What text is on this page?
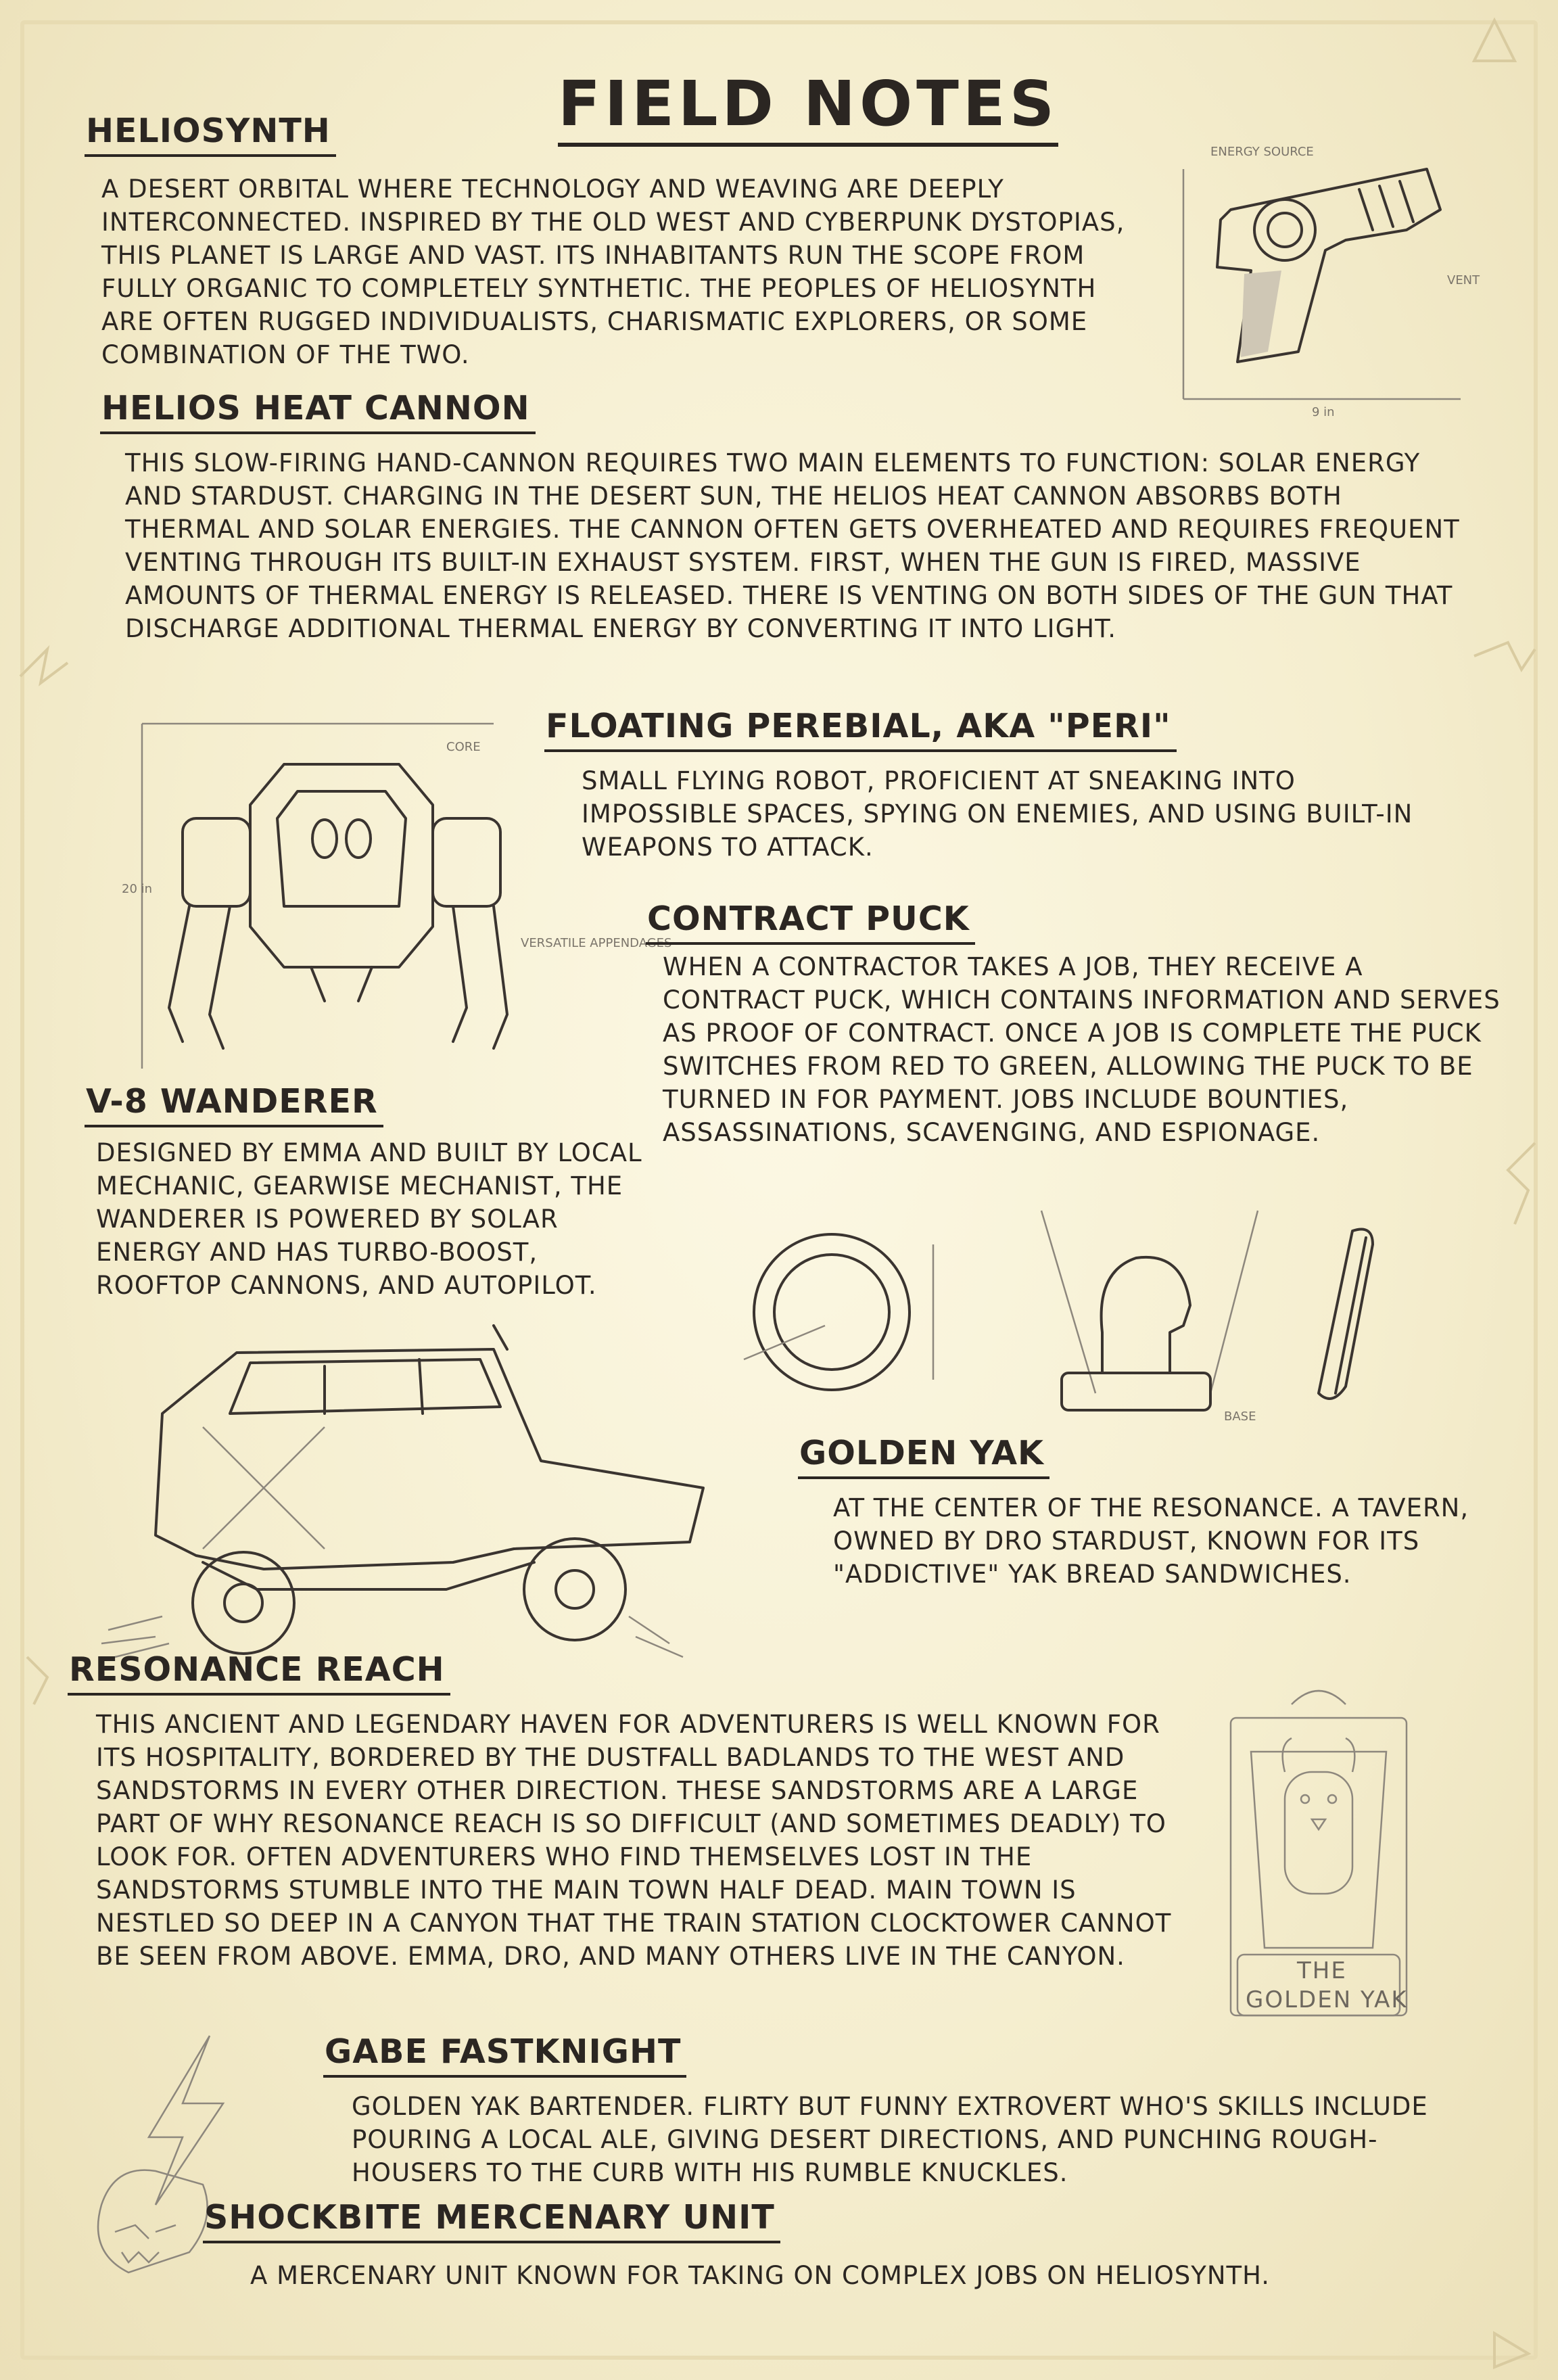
FIELD NOTES
HELIOSYNTH

A DESERT ORBITAL WHERE TECHNOLOGY AND WEAVING ARE DEEPLY INTERCONNECTED. INSPIRED BY THE OLD WEST AND CYBERPUNK DYSTOPIAS, THIS PLANET IS LARGE AND VAST. ITS INHABITANTS RUN THE SCOPE FROM FULLY ORGANIC TO COMPLETELY SYNTHETIC. THE PEOPLES OF HELIOSYNTH ARE OFTEN RUGGED INDIVIDUALISTS, CHARISMATIC EXPLORERS, OR SOME COMBINATION OF THE TWO.

ENERGY SOURCE
VENT
9 in
HELIOS HEAT CANNON

THIS SLOW-FIRING HAND-CANNON REQUIRES TWO MAIN ELEMENTS TO FUNCTION: SOLAR ENERGY AND STARDUST. CHARGING IN THE DESERT SUN, THE HELIOS HEAT CANNON ABSORBS BOTH THERMAL AND SOLAR ENERGIES. THE CANNON OFTEN GETS OVERHEATED AND REQUIRES FREQUENT VENTING THROUGH ITS BUILT-IN EXHAUST SYSTEM. FIRST, WHEN THE GUN IS FIRED, MASSIVE AMOUNTS OF THERMAL ENERGY IS RELEASED. THERE IS VENTING ON BOTH SIDES OF THE GUN THAT DISCHARGE ADDITIONAL THERMAL ENERGY BY CONVERTING IT INTO LIGHT.

CORE
20 in
VERSATILE APPENDAGES
FLOATING PEREBIAL, AKA "PERI"

SMALL FLYING ROBOT, PROFICIENT AT SNEAKING INTO IMPOSSIBLE SPACES, SPYING ON ENEMIES, AND USING BUILT-IN WEAPONS TO ATTACK.

CONTRACT PUCK

WHEN A CONTRACTOR TAKES A JOB, THEY RECEIVE A CONTRACT PUCK, WHICH CONTAINS INFORMATION AND SERVES AS PROOF OF CONTRACT. ONCE A JOB IS COMPLETE THE PUCK SWITCHES FROM RED TO GREEN, ALLOWING THE PUCK TO BE TURNED IN FOR PAYMENT. JOBS INCLUDE BOUNTIES, ASSASSINATIONS, SCAVENGING, AND ESPIONAGE.

V-8 WANDERER

DESIGNED BY EMMA AND BUILT BY LOCAL MECHANIC, GEARWISE MECHANIST, THE WANDERER IS POWERED BY SOLAR ENERGY AND HAS TURBO-BOOST, ROOFTOP CANNONS, AND AUTOPILOT.

BASE
GOLDEN YAK

AT THE CENTER OF THE RESONANCE. A TAVERN, OWNED BY DRO STARDUST, KNOWN FOR ITS "ADDICTIVE" YAK BREAD SANDWICHES.

RESONANCE REACH

THIS ANCIENT AND LEGENDARY HAVEN FOR ADVENTURERS IS WELL KNOWN FOR ITS HOSPITALITY, BORDERED BY THE DUSTFALL BADLANDS TO THE WEST AND SANDSTORMS IN EVERY OTHER DIRECTION. THESE SANDSTORMS ARE A LARGE PART OF WHY RESONANCE REACH IS SO DIFFICULT (AND SOMETIMES DEADLY) TO LOOK FOR. OFTEN ADVENTURERS WHO FIND THEMSELVES LOST IN THE SANDSTORMS STUMBLE INTO THE MAIN TOWN HALF DEAD. MAIN TOWN IS NESTLED SO DEEP IN A CANYON THAT THE TRAIN STATION CLOCKTOWER CANNOT BE SEEN FROM ABOVE. EMMA, DRO, AND MANY OTHERS LIVE IN THE CANYON.	THE
GOLDEN YAK
GABE FASTKNIGHT

GOLDEN YAK BARTENDER. FLIRTY BUT FUNNY EXTROVERT WHO'S SKILLS INCLUDE POURING A LOCAL ALE, GIVING DESERT DIRECTIONS, AND PUNCHING ROUGH-HOUSERS TO THE CURB WITH HIS RUMBLE KNUCKLES.

SHOCKBITE MERCENARY UNIT

A MERCENARY UNIT KNOWN FOR TAKING ON COMPLEX JOBS ON HELIOSYNTH.
